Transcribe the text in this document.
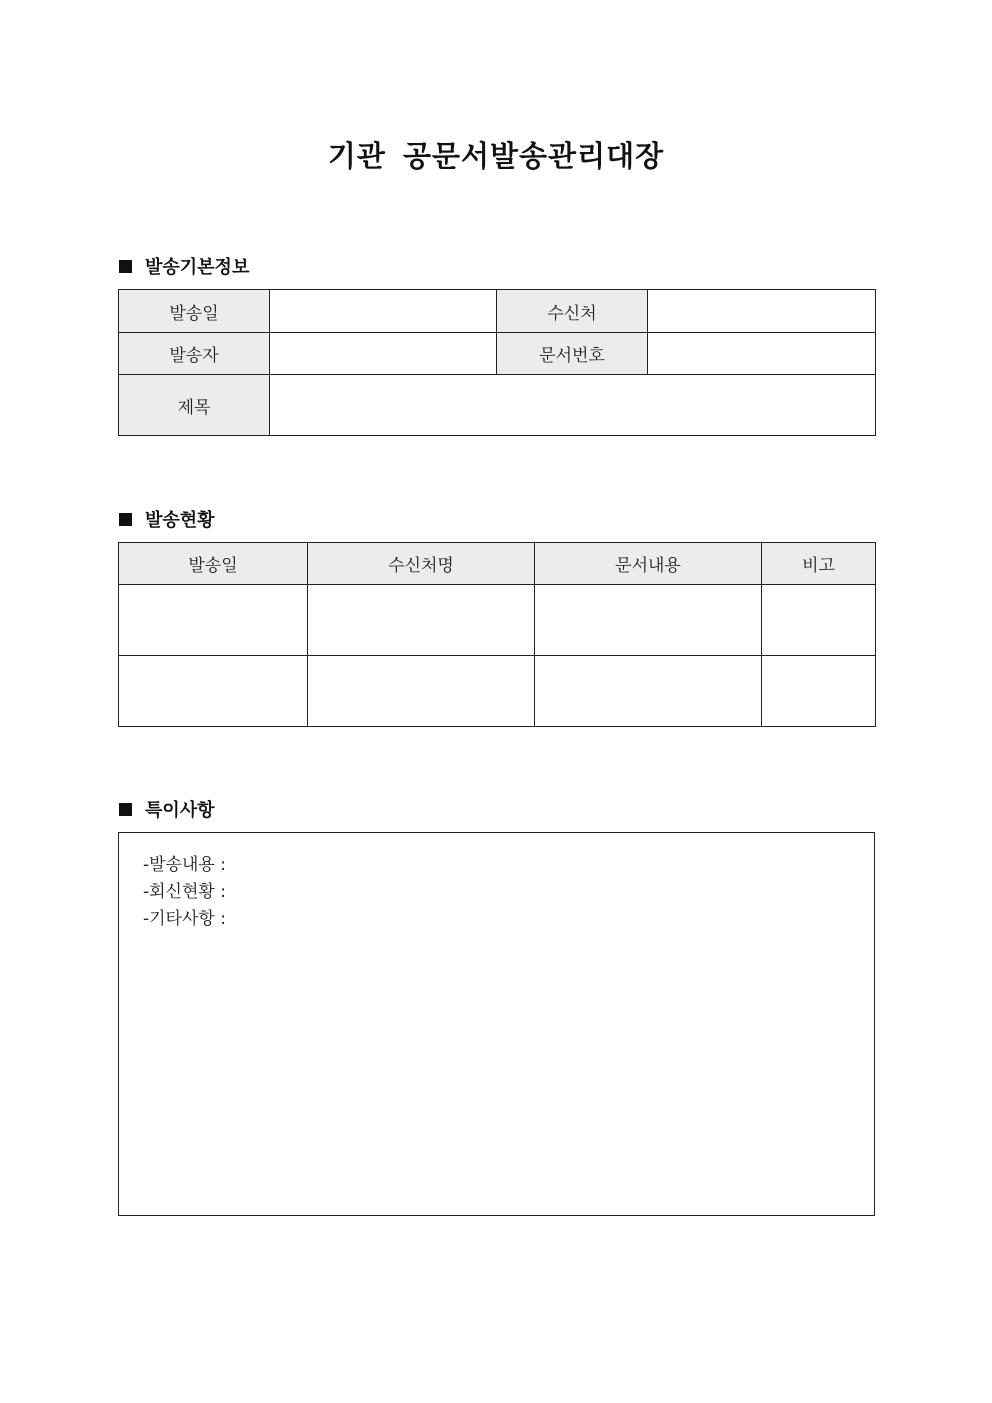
기관 공문서발송관리대장
발송기본정보
발송일		수신처	
발송자		문서번호	
제목			
발송현황
발송일	수신처명	문서내용	비고

특이사항
-발송내용 :
-회신현황 :
-기타사항 :
